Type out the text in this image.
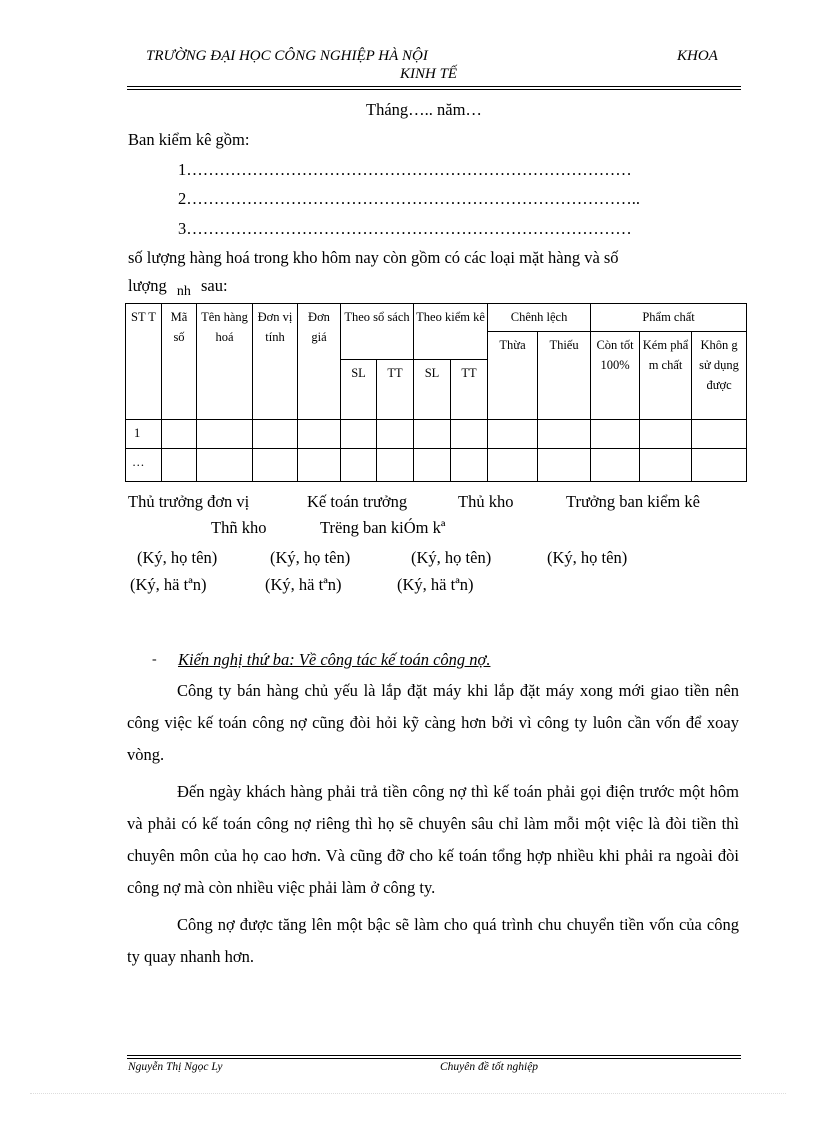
TRƯỜNG ĐẠI HỌC CÔNG NGHIỆP HÀ NỘI	KHOA
KINH TẾ
Tháng….. năm…
Ban kiểm kê gồm:
1………………………………………………………………………
2………………………………………………………………………..
3………………………………………………………………………
số lượng hàng hoá trong kho hôm nay còn gồm có các loại mặt hàng và số
lượng $_{nh}$ sau:
ST T	Mã số	Tên hàng hoá	Đơn vị tính	Đơn giá	Theo sổ sách		Theo kiểm kê		Chênh lệch		Phẩm chất		
									Thừa	Thiếu	Còn tốt 100%	Kém phẩ m chất	Khôn g sử dụng được
					SL	TT	SL	TT					
1													
…													
Thủ trưởng đơn vị	Kế toán trưởng	Thủ kho	Trưởng ban kiểm kê
Thñ kho	Trëng ban kiÓm kª
(Ký, họ tên)	(Ký, họ tên)	(Ký, họ tên)	(Ký, họ tên)
(Ký, hä tªn)	(Ký, hä tªn)	(Ký, hä tªn)
- Kiến nghị thứ ba: Về công tác kế toán công nợ.

Công ty bán hàng chủ yếu là lắp đặt máy khi lắp đặt máy xong mới giao tiền nên công việc kế toán công nợ cũng đòi hỏi kỹ càng hơn bởi vì công ty luôn cần vốn để xoay vòng.

Đến ngày khách hàng phải trả tiền công nợ thì kế toán phải gọi điện trước một hôm và phải có kế toán công nợ riêng thì họ sẽ chuyên sâu chỉ làm mỗi một việc là đòi tiền thì chuyên môn của họ cao hơn. Và cũng đỡ cho kế toán tổng hợp nhiều khi phải ra ngoài đòi công nợ mà còn nhiều việc phải làm ở công ty.

Công nợ được tăng lên một bậc sẽ làm cho quá trình chu chuyển tiền vốn của công ty quay nhanh hơn.

Nguyễn Thị Ngọc Ly	Chuyên đề tốt nghiệp
